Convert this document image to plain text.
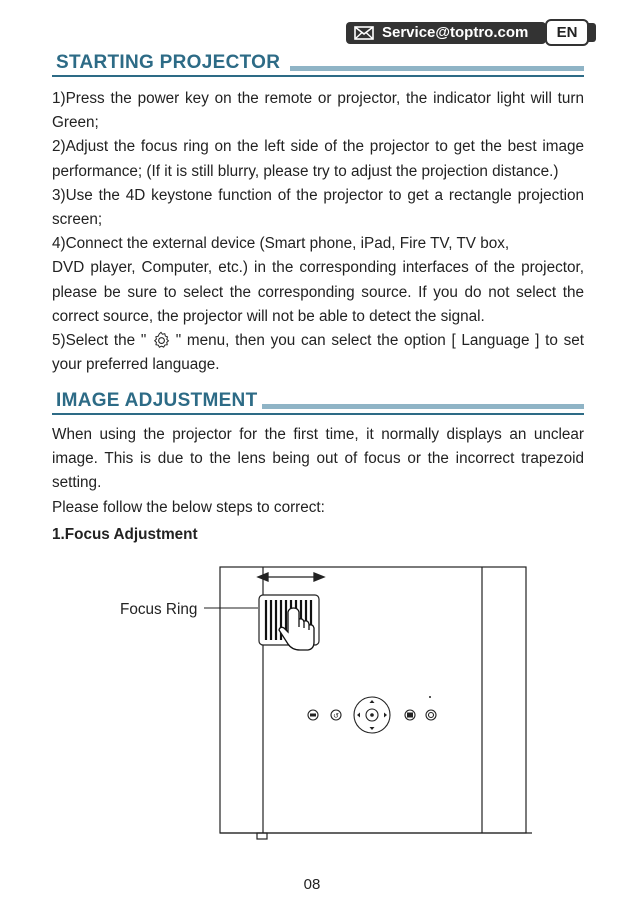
Service@toptro.com	EN
STARTING PROJECTOR

1)Press the power key on the remote or projector, the indicator light will turn Green;

2)Adjust the focus ring on the left side of the projector to get the best image performance; (If it is still blurry, please try to adjust the projection distance.)

3)Use the 4D keystone function of the projector to get a rectangle projection screen;

4)Connect the external device (Smart phone, iPad, Fire TV, TV box,

DVD player, Computer, etc.) in the corresponding interfaces of the projector, please be sure to select the corresponding source. If you do not select the correct source, the projector will not be able to detect the signal.

5)Select the " " menu, then you can select the option [ Language ] to set your preferred language.

IMAGE ADJUSTMENT

When using the projector for the first time, it normally displays an unclear image. This is due to the lens being out of focus or the incorrect trapezoid setting.

Please follow the below steps to correct:

1.Focus Adjustment
Focus Ring
↺
08
